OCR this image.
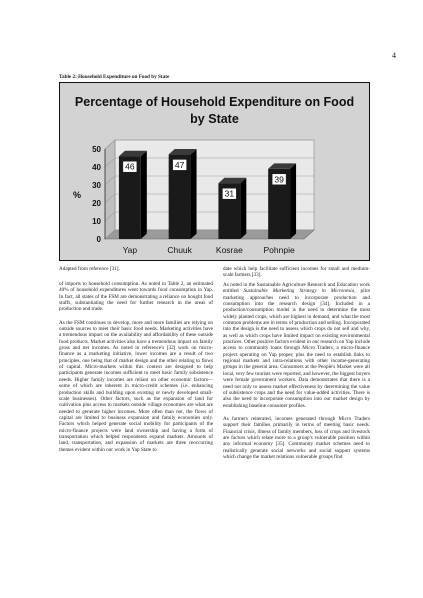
4
Table 2: Household Expenditure on Food by State
Percentage of Household Expenditure on Food
by State
%
0
10
20
30
40
50
46
Yap
47
Chuuk
31
Kosrae
39
Pohnpie
Adapted from reference [31].	date which help facilitate sufficient incomes for small and medium-scale farmers [33].

of imports to household consumption. As noted in Table 2, an estimated 40% of household expenditures went towards food consumption in Yap. In fact, all states of the FSM are demonstrating a reliance on bought food stuffs, substantiating the need for further research in the areas of production and trade.

As the FSM continues to develop, more and more families are relying on outside sources to meet their basic food needs. Marketing activities have a tremendous impact on the availability and affordability of these outside food products. Market activities also have a tremendous impact on family gross and net incomes. As noted in reference's [32] work on micro-finance as a marketing initiative, lower incomes are a result of two principles, one being that of market design and the other relating to flows of capital. Micro-markets within this context are designed to help participants generate incomes sufficient to meet basic family subsistence needs. Higher family incomes are reliant on other economic factors—some of which are inherent in micro-credit schemes (i.e. enhancing production skills and building upon existing or newly developed small-scale businesses). Other factors, such as the expansion of land for cultivation plus access to markets outside village economies are what are needed to generate higher incomes. More often than not, the flows of capital are limited to business expansion and family economies only. Factors which helped generate social mobility for participants of the micro-finance projects were land ownership and having a form of transportation which helped respondents expand markets. Amounts of land, transportation, and expansion of markets are three reoccurring themes evident within our work in Yap State to

As noted in the Sustainable Agriculture Research and Education work entitled Sustainable Marketing Strategy in Micronesia, pilot marketing approaches need to incorporate production and consumption into the research design [34]. Included in a production/consumption model is the need to determine the most widely planted crops, which are highest in demand, and what the most common problems are in terms of production and selling. Incorporated into the design is the need to assess which crops do not sell and why, as well as which crops have limited impact on existing environmental practices. Other positive factors evident in our research on Yap include access to community loans through Micro Traders, a micro-finance project operating on Yap proper, plus the need to establish links to regional markets and intra-relations with other income-generating groups in the general area. Consumers at the People's Market were all local, very few tourists were reported, and however, the biggest buyers were female government workers. Data demonstrates that there is a need not only to assess market effectiveness by determining the value of subsistence crops and the need for value-added activities. There is also the need to incorporate consumption into our market design by establishing baseline consumer profiles.

As farmers reiterated, incomes generated through Micro Traders support their families primarily in terms of meeting basic needs. Financial crisis, illness of family members, loss of crops and livestock are factors which relate more to a group's vulnerable position within any informal economy [35]. Community market schemes need to realistically generate social networks and social support systems which change the market relations vulnerable groups find
